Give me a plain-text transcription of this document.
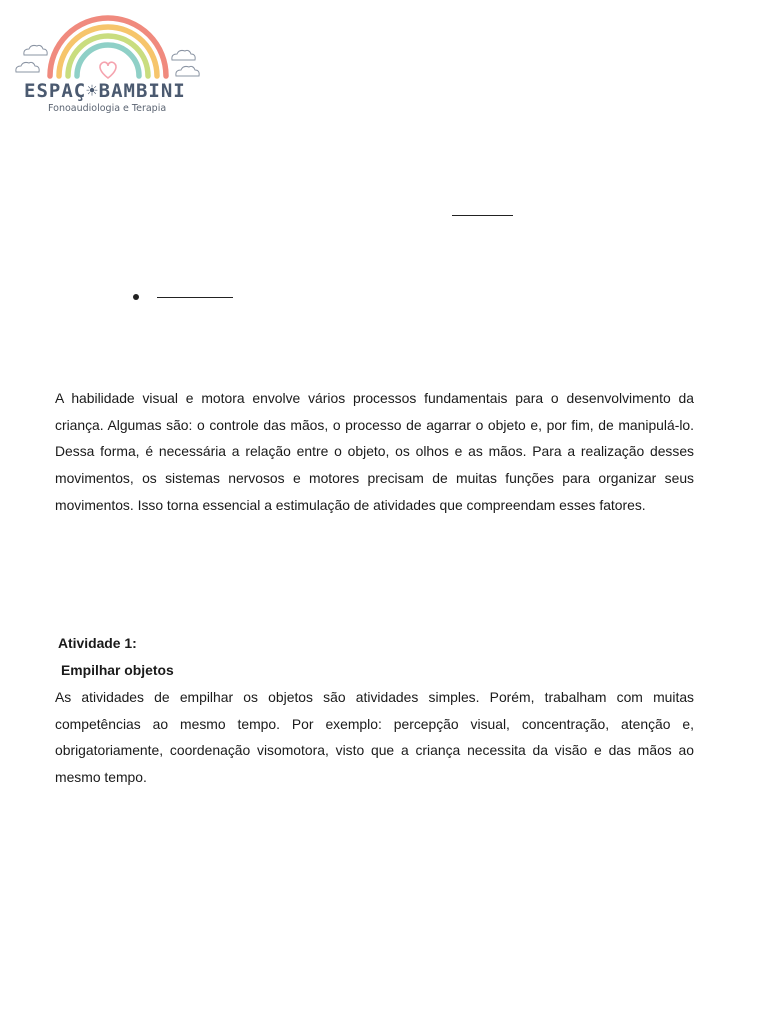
ESPAÇ☀BAMBINI
Fonoaudiologia e Terapia

A habilidade visual e motora envolve vários processos fundamentais para o desenvolvimento da criança. Algumas são: o controle das mãos, o processo de agarrar o objeto e, por fim, de manipulá-lo. Dessa forma, é necessária a relação entre o objeto, os olhos e as mãos. Para a realização desses movimentos, os sistemas nervosos e motores precisam de muitas funções para organizar seus movimentos. Isso torna essencial a estimulação de atividades que compreendam esses fatores.

Atividade 1:

Empilhar objetos

As atividades de empilhar os objetos são atividades simples. Porém, trabalham com muitas competências ao mesmo tempo. Por exemplo: percepção visual, concentração, atenção e, obrigatoriamente, coordenação visomotora, visto que a criança necessita da visão e das mãos ao mesmo tempo.
